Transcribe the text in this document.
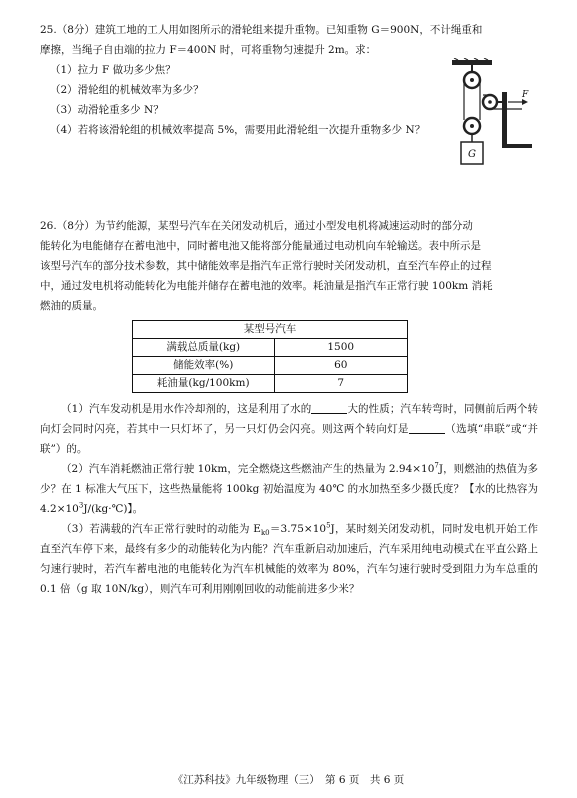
25.（8分）建筑工地的工人用如图所示的滑轮组来提升重物。已知重物 G＝900N，不计绳重和

摩擦，当绳子自由端的拉力 F＝400N 时，可将重物匀速提升 2m。求：

（1）拉力 F 做功多少焦？

（2）滑轮组的机械效率为多少？

（3）动滑轮重多少 N？

（4）若将该滑轮组的机械效率提高 5%，需要用此滑轮组一次提升重物多少 N？

F
G

26.（8分）为节约能源，某型号汽车在关闭发动机后，通过小型发电机将减速运动时的部分动

能转化为电能储存在蓄电池中，同时蓄电池又能将部分能量通过电动机向车轮输送。表中所示是

该型号汽车的部分技术参数，其中储能效率是指汽车正常行驶时关闭发动机，直至汽车停止的过程

中，通过发电机将动能转化为电能并储存在蓄电池的效率。耗油量是指汽车正常行驶 100km 消耗

燃油的质量。

某型号汽车	
满载总质量(kg)	1500
储能效率(%)	60
耗油量(kg/100km)	7

（1）汽车发动机是用水作冷却剂的，这是利用了水的	大的性质；汽车转弯时，同侧前后两个转向灯会同时闪亮，若其中一只灯坏了，另一只灯仍会闪亮。则这两个转向灯是	（选填“串联”或“并联”）的。

（2）汽车消耗燃油正常行驶 10km，完全燃烧这些燃油产生的热量为 $2.94\times 10^7J$，则燃油的热值为多少？在 1 标准大气压下，这些热量能将 100kg 初始温度为 40℃ 的水加热至多少摄氏度？【水的比热容为 $4.2\times 10^3J/(kg\cdot℃)$】。

（3）若满载的汽车正常行驶时的动能为 $E_{k0}=3.75\times 10^5J$，某时刻关闭发动机，同时发电机开始工作直至汽车停下来，最终有多少的动能转化为内能？汽车重新启动加速后，汽车采用纯电动模式在平直公路上匀速行驶时，若汽车蓄电池的电能转化为汽车机械能的效率为 80%，汽车匀速行驶时受到阻力为车总重的 0.1 倍（g 取 10N/kg），则汽车可利用刚刚回收的动能前进多少米？

《江苏科技》九年级物理（三）　第 6 页　共 6 页
